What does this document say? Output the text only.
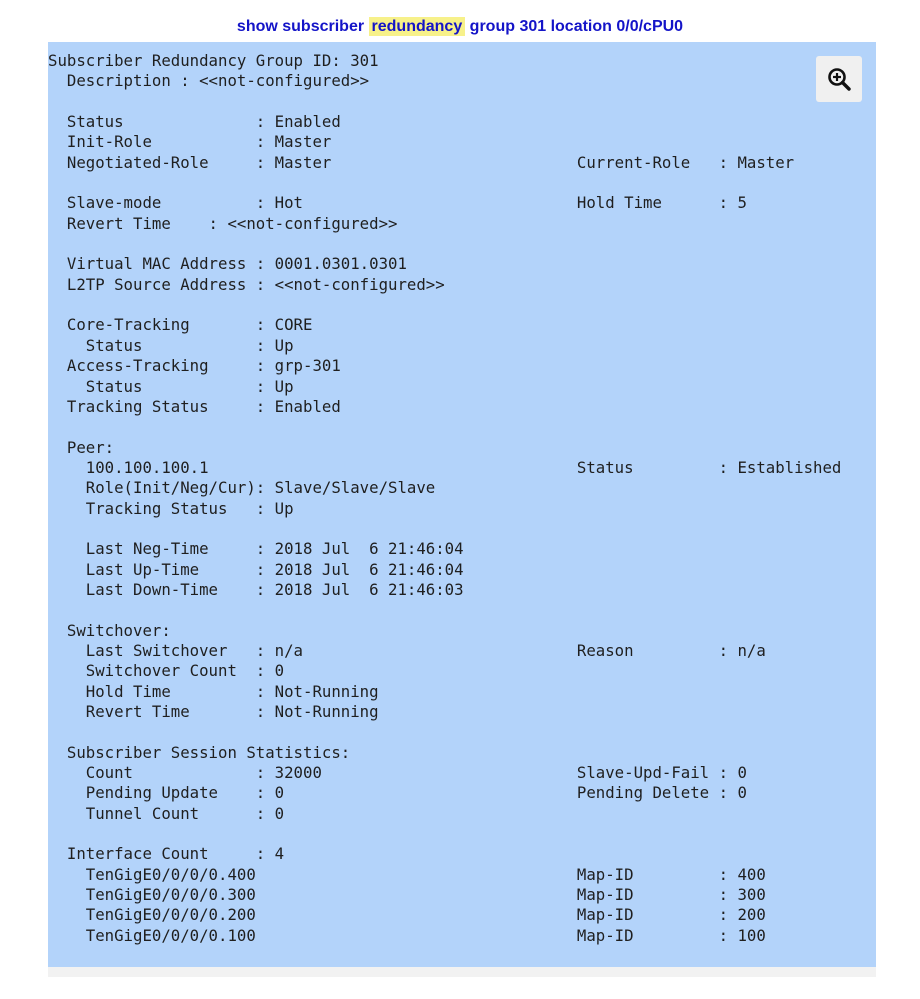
show subscriber redundancy group 301 location 0/0/cPU0
Subscriber Redundancy Group ID: 301
Description : <<not-configured>>
Status              : Enabled
Init-Role           : Master
Negotiated-Role     : Master                          Current-Role   : Master
Slave-mode          : Hot                             Hold Time      : 5
Revert Time    : <<not-configured>>
Virtual MAC Address : 0001.0301.0301
L2TP Source Address : <<not-configured>>
Core-Tracking       : CORE
Status            : Up
Access-Tracking     : grp-301
Status            : Up
Tracking Status     : Enabled
Peer:
100.100.100.1                                       Status         : Established
Role(Init/Neg/Cur): Slave/Slave/Slave
Tracking Status   : Up
Last Neg-Time     : 2018 Jul  6 21:46:04
Last Up-Time      : 2018 Jul  6 21:46:04
Last Down-Time    : 2018 Jul  6 21:46:03
Switchover:
Last Switchover   : n/a                             Reason         : n/a
Switchover Count  : 0
Hold Time         : Not-Running
Revert Time       : Not-Running
Subscriber Session Statistics:
Count             : 32000                           Slave-Upd-Fail : 0
Pending Update    : 0                               Pending Delete : 0
Tunnel Count      : 0
Interface Count     : 4
TenGigE0/0/0/0.400                                  Map-ID         : 400
TenGigE0/0/0/0.300                                  Map-ID         : 300
TenGigE0/0/0/0.200                                  Map-ID         : 200
TenGigE0/0/0/0.100                                  Map-ID         : 100
